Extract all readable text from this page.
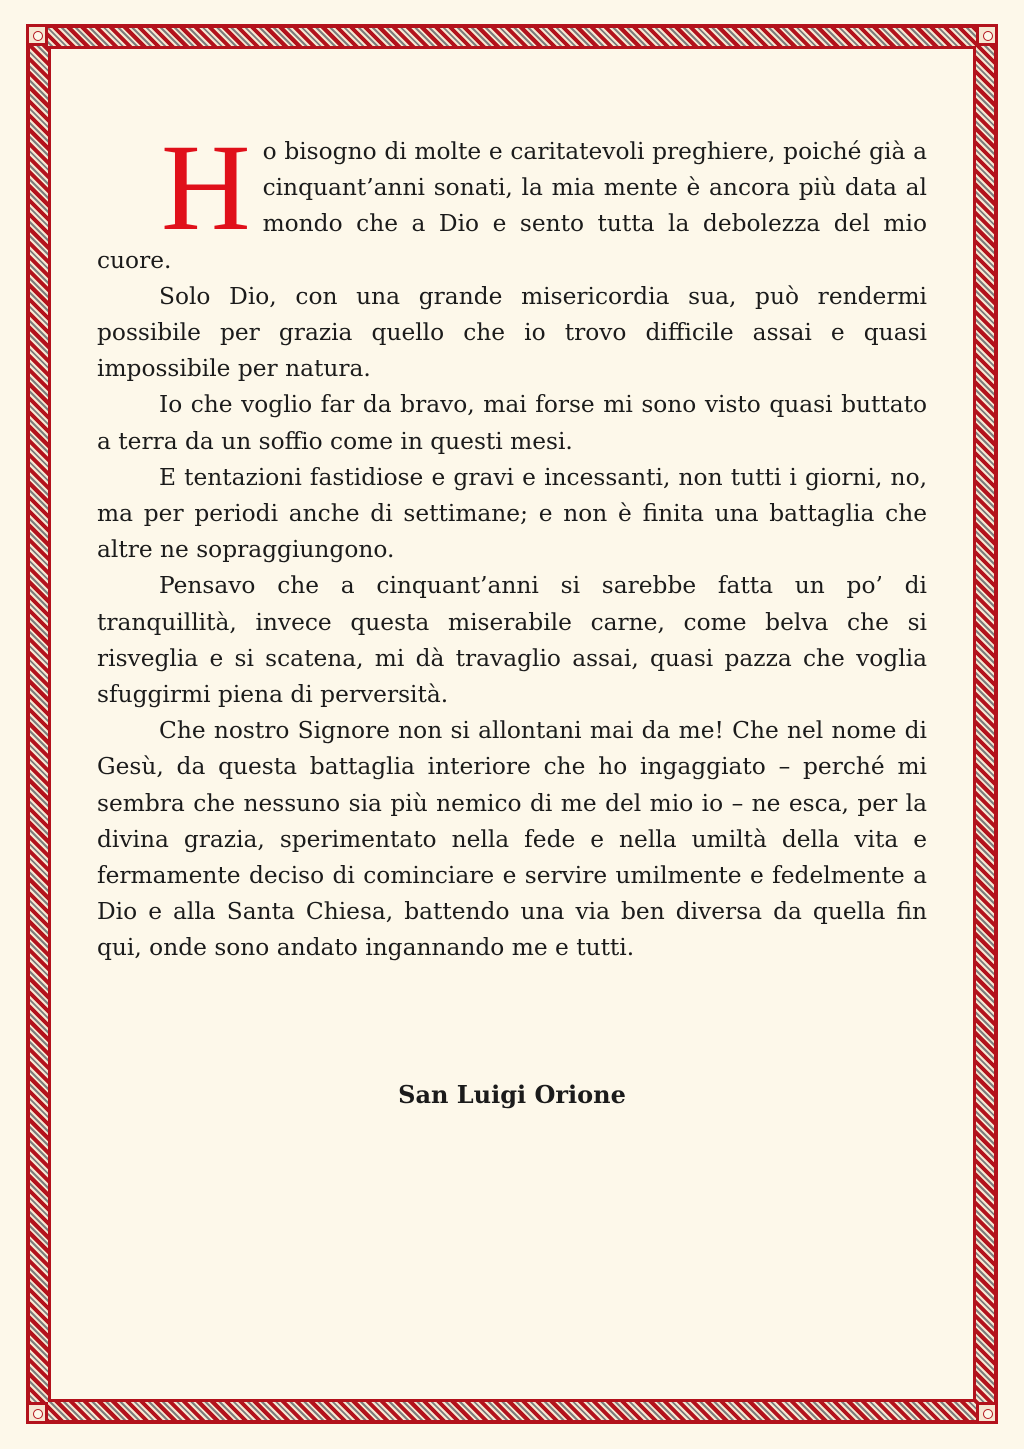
Ho bisogno di molte e caritatevoli preghiere, poiché già a cinquant’anni sonati, la mia mente è ancora più data al mondo che a Dio e sento tutta la debolezza del mio cuore.

Solo Dio, con una grande misericordia sua, può rendermi possibile per grazia quello che io trovo difficile assai e quasi impossibile per natura.

Io che voglio far da bravo, mai forse mi sono visto quasi buttato a terra da un soffio come in questi mesi.

E tentazioni fastidiose e gravi e incessanti, non tutti i giorni, no, ma per periodi anche di settimane; e non è finita una battaglia che altre ne sopraggiungono.

Pensavo che a cinquant’anni si sarebbe fatta un po’ di tranquillità, invece questa miserabile carne, come belva che si risveglia e si scatena, mi dà travaglio assai, quasi pazza che voglia sfuggirmi piena di perversità.

Che nostro Signore non si allontani mai da me! Che nel nome di Gesù, da questa battaglia interiore che ho ingaggiato – perché mi sembra che nessuno sia più nemico di me del mio io – ne esca, per la divina grazia, sperimentato nella fede e nella umiltà della vita e fermamente deciso di cominciare e servire umilmente e fedelmente a Dio e alla Santa Chiesa, battendo una via ben diversa da quella fin qui, onde sono andato ingannando me e tutti.

San Luigi Orione
